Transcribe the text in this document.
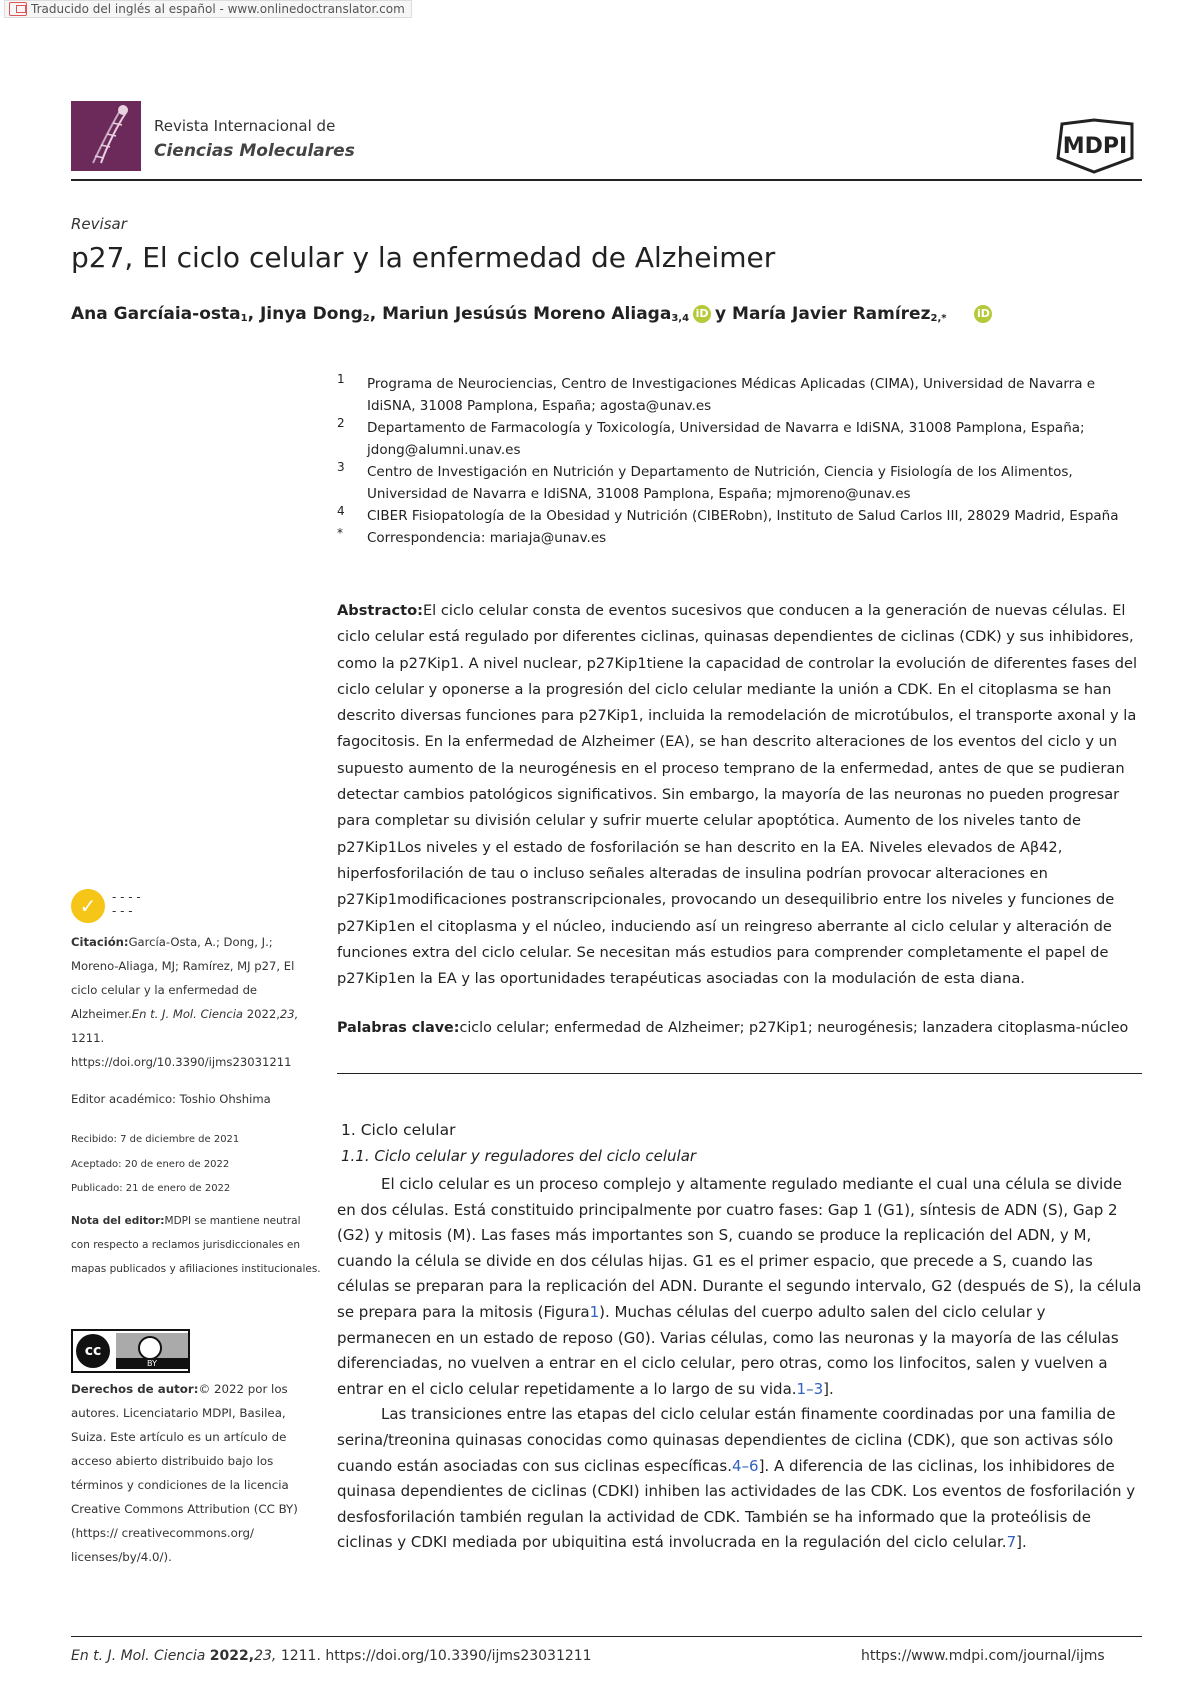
Traducido del inglés al español - www.onlinedoctranslator.com
Revista Internacional de
Ciencias Moleculares	MDPI
Revisar
p27, El ciclo celular y la enfermedad de Alzheimer
Ana Garcíaia-osta$_1$, Jinya Dong$_2$, Mariun Jesúsús Moreno Aliaga$_{3,4}$ iD y María Javier Ramírez$_{2,*}$	iD
1 Programa de Neurociencias, Centro de Investigaciones Médicas Aplicadas (CIMA), Universidad de Navarra e IdiSNA, 31008 Pamplona, España; agosta@unav.es
2 Departamento de Farmacología y Toxicología, Universidad de Navarra e IdiSNA, 31008 Pamplona, España; jdong@alumni.unav.es
3 Centro de Investigación en Nutrición y Departamento de Nutrición, Ciencia y Fisiología de los Alimentos, Universidad de Navarra e IdiSNA, 31008 Pamplona, España; mjmoreno@unav.es
4 CIBER Fisiopatología de la Obesidad y Nutrición (CIBERobn), Instituto de Salud Carlos III, 28029 Madrid, España
* Correspondencia: mariaja@unav.es
Abstracto:El ciclo celular consta de eventos sucesivos que conducen a la generación de nuevas células. El ciclo celular está regulado por diferentes ciclinas, quinasas dependientes de ciclinas (CDK) y sus inhibidores, como la p27Kip1. A nivel nuclear, p27Kip1tiene la capacidad de controlar la evolución de diferentes fases del ciclo celular y oponerse a la progresión del ciclo celular mediante la unión a CDK. En el citoplasma se han descrito diversas funciones para p27Kip1, incluida la remodelación de microtúbulos, el transporte axonal y la fagocitosis. En la enfermedad de Alzheimer (EA), se han descrito alteraciones de los eventos del ciclo y un supuesto aumento de la neurogénesis en el proceso temprano de la enfermedad, antes de que se pudieran detectar cambios patológicos significativos. Sin embargo, la mayoría de las neuronas no pueden progresar para completar su división celular y sufrir muerte celular apoptótica. Aumento de los niveles tanto de p27Kip1Los niveles y el estado de fosforilación se han descrito en la EA. Niveles elevados de Aβ42, hiperfosforilación de tau o incluso señales alteradas de insulina podrían provocar alteraciones en p27Kip1modificaciones postranscripcionales, provocando un desequilibrio entre los niveles y funciones de p27Kip1en el citoplasma y el núcleo, induciendo así un reingreso aberrante al ciclo celular y alteración de funciones extra del ciclo celular. Se necesitan más estudios para comprender completamente el papel de p27Kip1en la EA y las oportunidades terapéuticas asociadas con la modulación de esta diana.
Palabras clave:ciclo celular; enfermedad de Alzheimer; p27Kip1; neurogénesis; lanzadera citoplasma-núcleo
1. Ciclo celular
1.1. Ciclo celular y reguladores del ciclo celular

El ciclo celular es un proceso complejo y altamente regulado mediante el cual una célula se divide en dos células. Está constituido principalmente por cuatro fases: Gap 1 (G1), síntesis de ADN (S), Gap 2 (G2) y mitosis (M). Las fases más importantes son S, cuando se produce la replicación del ADN, y M, cuando la célula se divide en dos células hijas. G1 es el primer espacio, que precede a S, cuando las células se preparan para la replicación del ADN. Durante el segundo intervalo, G2 (después de S), la célula se prepara para la mitosis (Figura1). Muchas células del cuerpo adulto salen del ciclo celular y permanecen en un estado de reposo (G0). Varias células, como las neuronas y la mayoría de las células diferenciadas, no vuelven a entrar en el ciclo celular, pero otras, como los linfocitos, salen y vuelven a entrar en el ciclo celular repetidamente a lo largo de su vida.1–3].

Las transiciones entre las etapas del ciclo celular están finamente coordinadas por una familia de serina/treonina quinasas conocidas como quinasas dependientes de ciclina (CDK), que son activas sólo cuando están asociadas con sus ciclinas específicas.4–6]. A diferencia de las ciclinas, los inhibidores de quinasa dependientes de ciclinas (CDKI) inhiben las actividades de las CDK. Los eventos de fosforilación y desfosforilación también regulan la actividad de CDK. También se ha informado que la proteólisis de ciclinas y CDKI mediada por ubiquitina está involucrada en la regulación del ciclo celular.7].

✓	- - - -
- - -
Citación:García-Osta, A.; Dong, J.; Moreno-Aliaga, MJ; Ramírez, MJ p27, El ciclo celular y la enfermedad de Alzheimer.En t. J. Mol. Ciencia 2022,23, 1211. https://doi.org/10.3390/ijms23031211
Editor académico: Toshio Ohshima
Recibido: 7 de diciembre de 2021
Aceptado: 20 de enero de 2022
Publicado: 21 de enero de 2022
Nota del editor:MDPI se mantiene neutral con respecto a reclamos jurisdiccionales en mapas publicados y afiliaciones institucionales.
cc
BY
Derechos de autor:© 2022 por los autores. Licenciatario MDPI, Basilea, Suiza. Este artículo es un artículo de acceso abierto distribuido bajo los términos y condiciones de la licencia Creative Commons Attribution (CC BY) (https:// creativecommons.org/ licenses/by/4.0/).
En t. J. Mol. Ciencia 2022,23, 1211. https://doi.org/10.3390/ijms23031211	https://www.mdpi.com/journal/ijms
